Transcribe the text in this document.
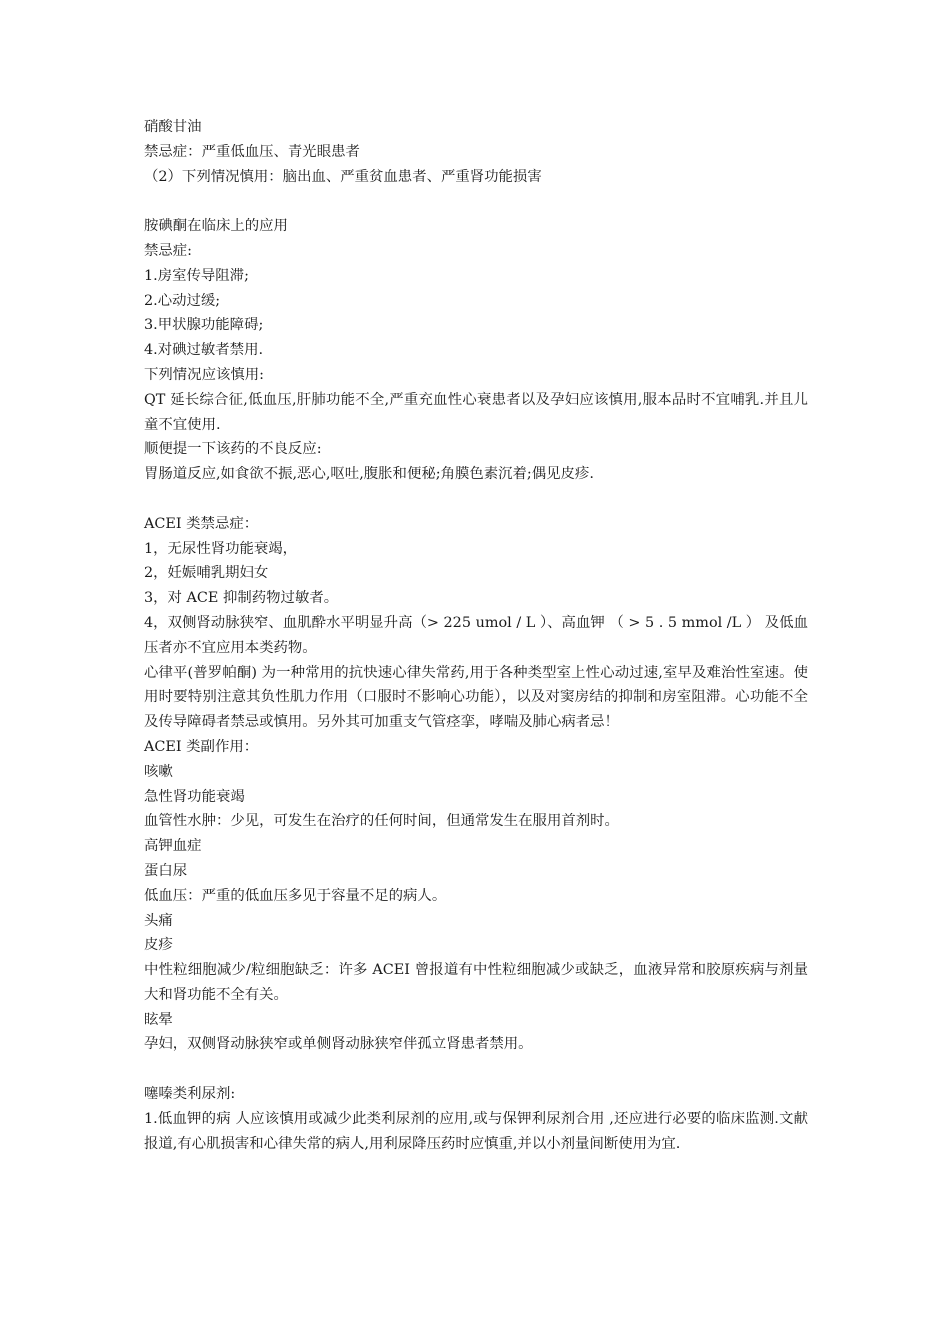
硝酸甘油
禁忌症：严重低血压、青光眼患者
（2）下列情况慎用：脑出血、严重贫血患者、严重肾功能损害
胺碘酮在临床上的应用
禁忌症:
1.房室传导阻滞;
2.心动过缓;
3.甲状腺功能障碍;
4.对碘过敏者禁用.
下列情况应该慎用:
QT 延长综合征,低血压,肝肺功能不全,严重充血性心衰患者以及孕妇应该慎用,服本品时不宜哺乳.并且儿童不宜使用.
顺便提一下该药的不良反应:
胃肠道反应,如食欲不振,恶心,呕吐,腹胀和便秘;角膜色素沉着;偶见皮疹.
ACEI 类禁忌症：
1，无尿性肾功能衰竭，
2，妊娠哺乳期妇女
3，对 ACE 抑制药物过敏者。
4，双侧肾动脉狭窄、血肌酔水平明显升高（> 225 umol / L ）、高血钾 （ > 5 . 5 mmol /L ） 及低血压者亦不宜应用本类药物。
心律平(普罗帕酮) 为一种常用的抗快速心律失常药,用于各种类型室上性心动过速,室早及难治性室速。使用时要特别注意其负性肌力作用（口服时不影响心功能），以及对窦房结的抑制和房室阻滞。心功能不全及传导障碍者禁忌或慎用。另外其可加重支气管痉挛，哮喘及肺心病者忌！
ACEI 类副作用：
咳嗽
急性肾功能衰竭
血管性水肿：少见，可发生在治疗的任何时间，但通常发生在服用首剂时。
高钾血症
蛋白尿
低血压：严重的低血压多见于容量不足的病人。
头痛
皮疹
中性粒细胞减少/粒细胞缺乏：许多 ACEI 曾报道有中性粒细胞减少或缺乏，血液异常和胶原疾病与剂量大和肾功能不全有关。
眩晕
孕妇，双侧肾动脉狭窄或单侧肾动脉狭窄伴孤立肾患者禁用。
噻嗪类利尿剂:
1.低血钾的病 人应该慎用或减少此类利尿剂的应用,或与保钾利尿剂合用 ,还应进行必要的临床监测.文献报道,有心肌损害和心律失常的病人,用利尿降压药时应慎重,并以小剂量间断使用为宜.
